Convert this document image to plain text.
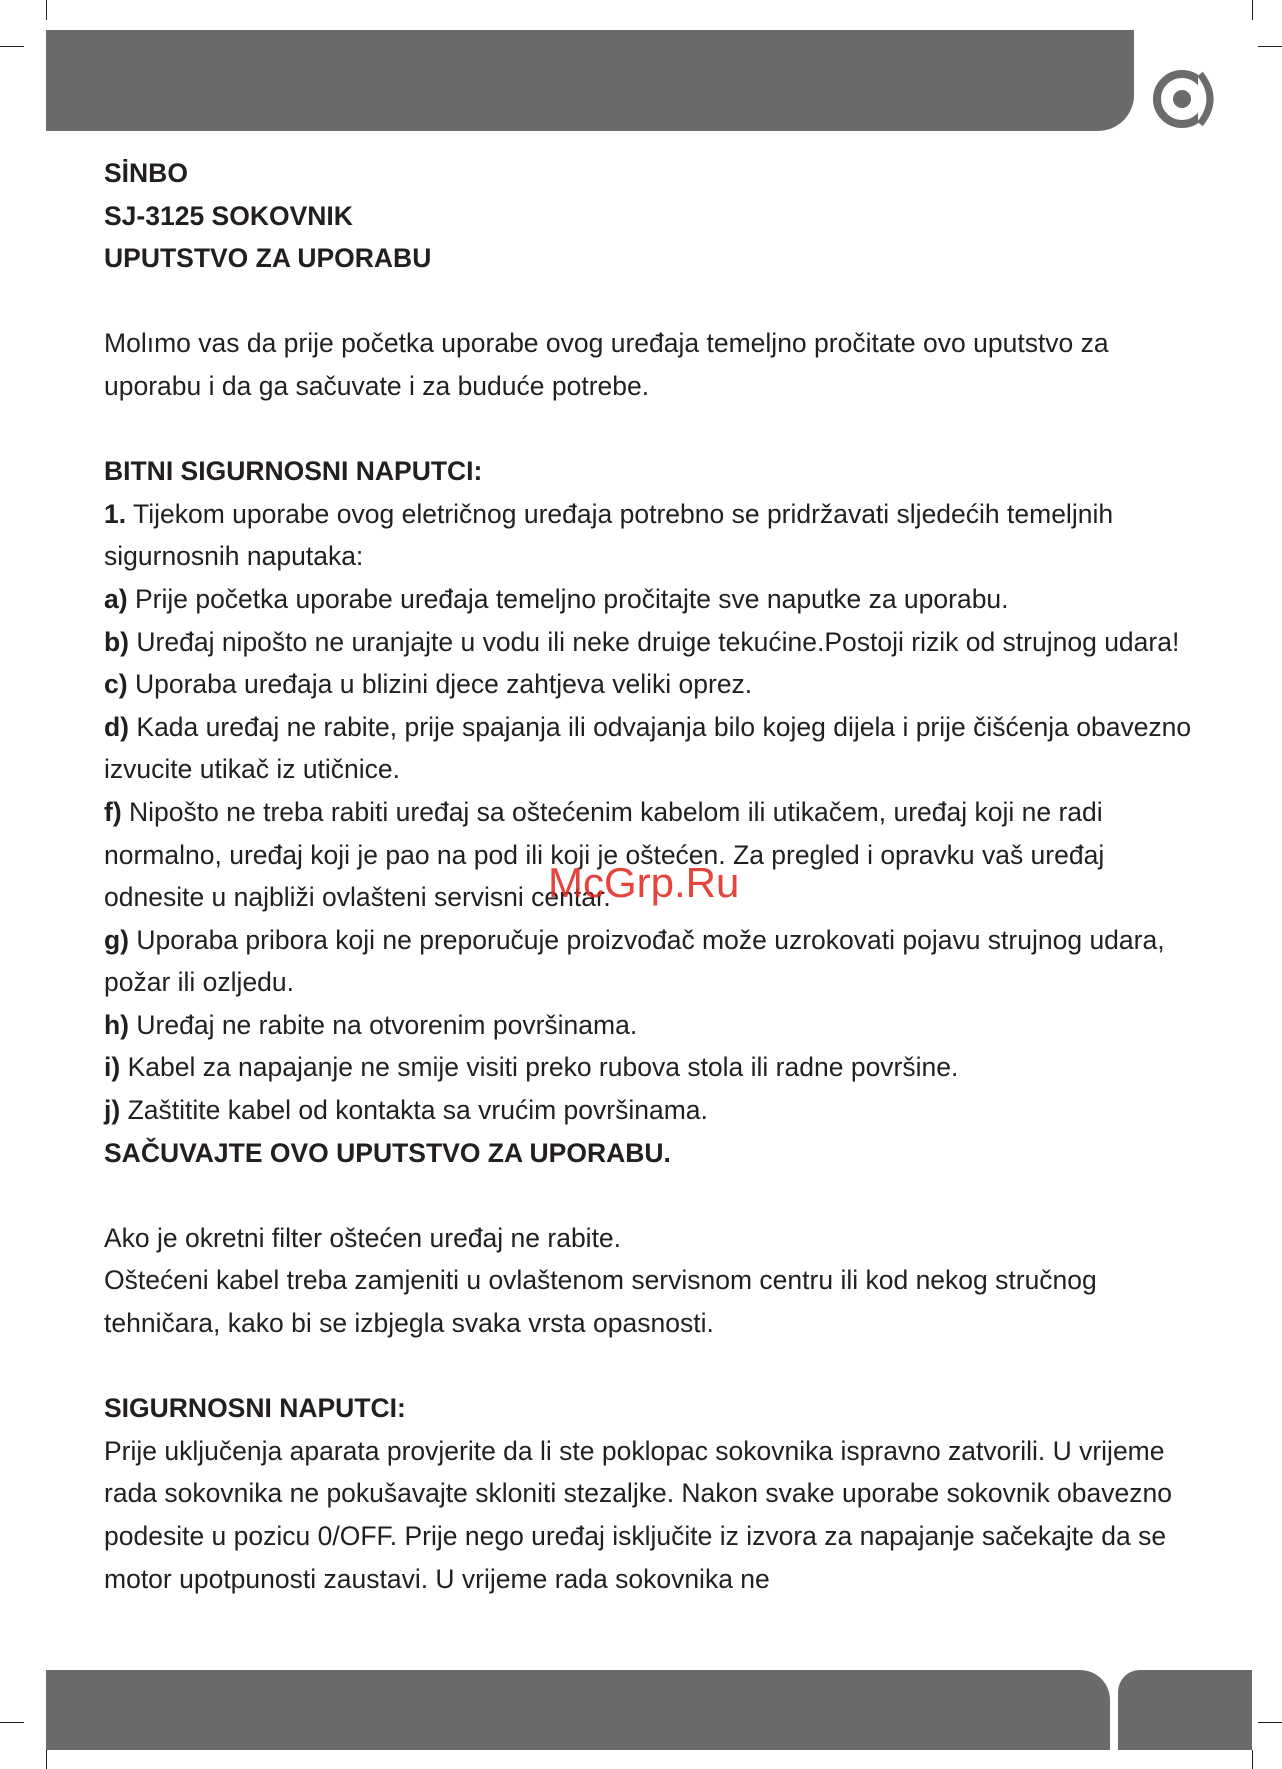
SİNBO

SJ-3125 SOKOVNIK

UPUTSTVO ZA UPORABU

Molımo vas da prije početka uporabe ovog uređaja temeljno pročitate ovo uputstvo za uporabu i da ga sačuvate i za buduće potrebe.

BITNI SIGURNOSNI NAPUTCI:

1. Tijekom uporabe ovog eletričnog uređaja potrebno se pridržavati sljedećih temeljnih sigurnosnih naputaka:

a) Prije početka uporabe uređaja temeljno pročitajte sve naputke za uporabu.

b) Uređaj nipošto ne uranjajte u vodu ili neke druige tekućine.Postoji rizik od strujnog udara!

c) Uporaba uređaja u blizini djece zahtjeva veliki oprez.

d) Kada uređaj ne rabite, prije spajanja ili odvajanja bilo kojeg dijela i prije čišćenja obavezno izvucite utikač iz utičnice.

f) Nipošto ne treba rabiti uređaj sa oštećenim kabelom ili utikačem, uređaj koji ne radi normalno, uređaj koji je pao na pod ili koji je oštećen. Za pregled i opravku vaš uređaj odnesite u najbliži ovlašteni servisni centar.

g) Uporaba pribora koji ne preporučuje proizvođač može uzrokovati pojavu strujnog udara, požar ili ozljedu.

h) Uređaj ne rabite na otvorenim površinama.

i) Kabel za napajanje ne smije visiti preko rubova stola ili radne površine.

j) Zaštitite kabel od kontakta sa vrućim površinama.

SAČUVAJTE OVO UPUTSTVO ZA UPORABU.

Ako je okretni filter oštećen uređaj ne rabite.

Oštećeni kabel treba zamjeniti u ovlaštenom servisnom centru ili kod nekog stručnog tehničara, kako bi se izbjegla svaka vrsta opasnosti.

SIGURNOSNI NAPUTCI:

Prije uključenja aparata provjerite da li ste poklopac sokovnika ispravno zatvorili. U vrijeme rada sokovnika ne pokušavajte skloniti stezaljke. Nakon svake uporabe sokovnik obavezno podesite u pozicu 0/OFF. Prije nego uređaj isključite iz izvora za napajanje sačekajte da se motor upotpunosti zaustavi. U vrijeme rada sokovnika ne

McGrp.Ru
